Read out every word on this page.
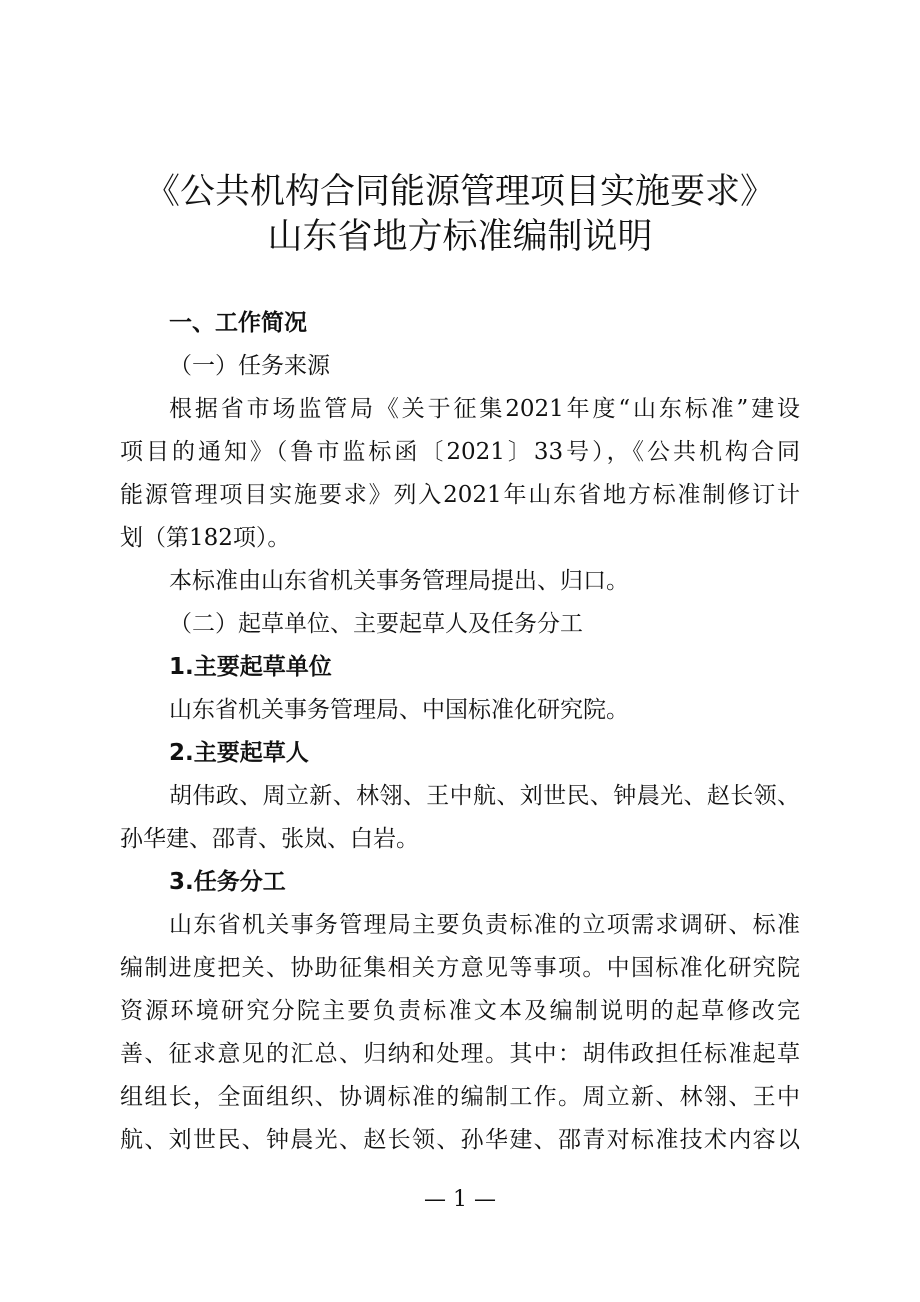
《公共机构合同能源管理项目实施要求》
山东省地方标准编制说明
一、工作简况
（一）任务来源
根据省市场监管局《关于征集2021年度“山东标准”建设
项目的通知》（鲁市监标函〔2021〕33号），《公共机构合同
能源管理项目实施要求》列入2021年山东省地方标准制修订计
划（第182项）。
本标准由山东省机关事务管理局提出、归口。
（二）起草单位、主要起草人及任务分工
1.主要起草单位
山东省机关事务管理局、中国标准化研究院。
2.主要起草人
胡伟政、周立新、林翎、王中航、刘世民、钟晨光、赵长领、
孙华建、邵青、张岚、白岩。
3.任务分工
山东省机关事务管理局主要负责标准的立项需求调研、标准
编制进度把关、协助征集相关方意见等事项。中国标准化研究院
资源环境研究分院主要负责标准文本及编制说明的起草修改完
善、征求意见的汇总、归纳和处理。其中：胡伟政担任标准起草
组组长，全面组织、协调标准的编制工作。周立新、林翎、王中
航、刘世民、钟晨光、赵长领、孙华建、邵青对标准技术内容以
— 1 —
